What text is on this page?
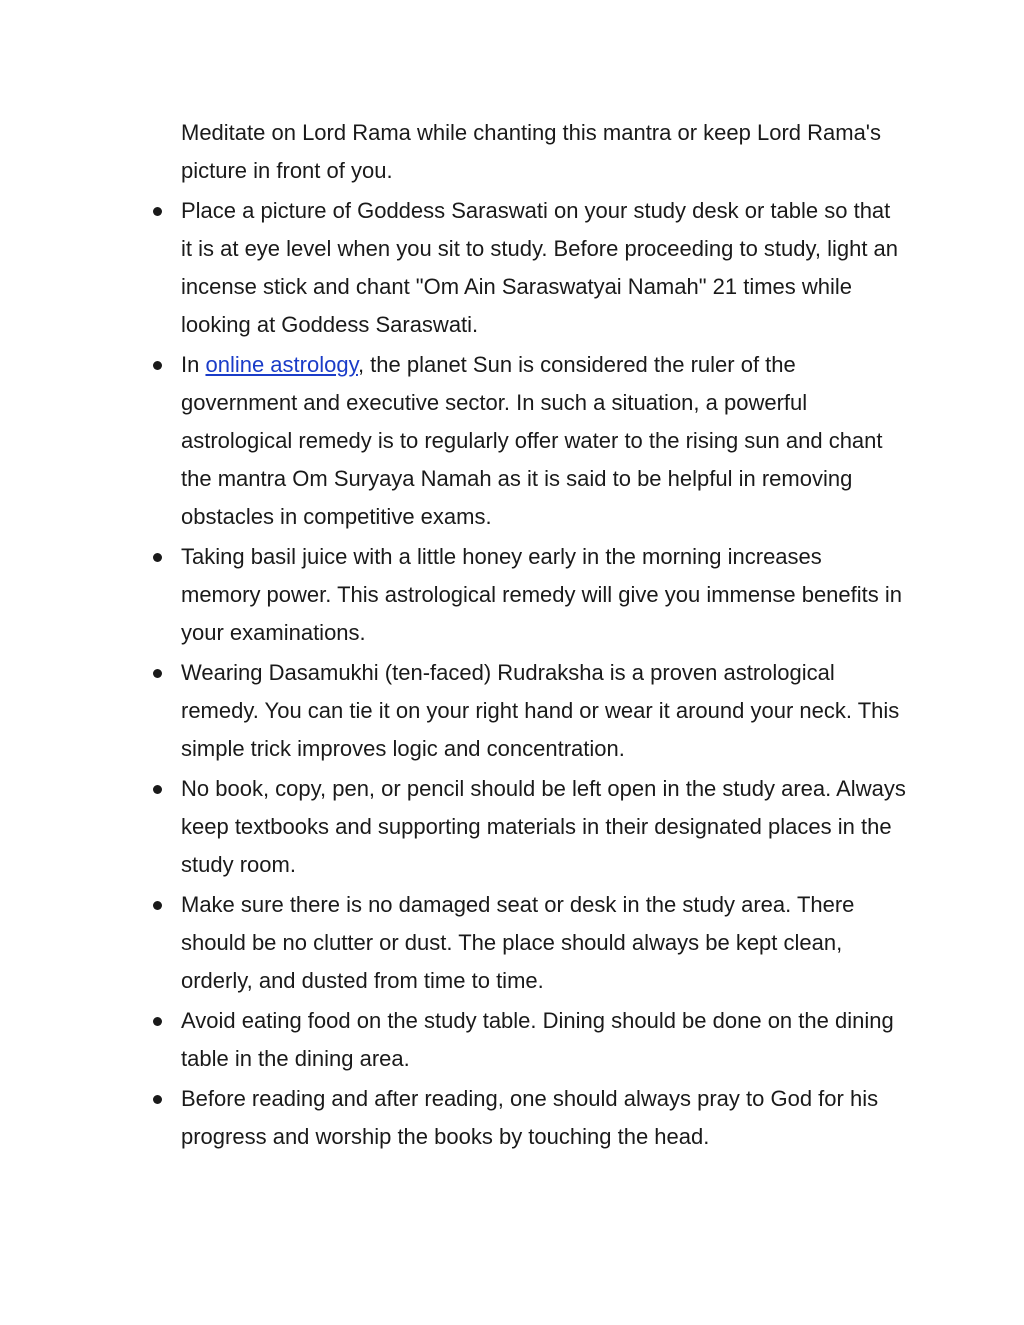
Meditate on Lord Rama while chanting this mantra or keep Lord Rama's picture in front of you.

Place a picture of Goddess Saraswati on your study desk or table so that it is at eye level when you sit to study. Before proceeding to study, light an incense stick and chant "Om Ain Saraswatyai Namah" 21 times while looking at Goddess Saraswati.
In online astrology, the planet Sun is considered the ruler of the government and executive sector. In such a situation, a powerful astrological remedy is to regularly offer water to the rising sun and chant the mantra Om Suryaya Namah as it is said to be helpful in removing obstacles in competitive exams.
Taking basil juice with a little honey early in the morning increases memory power. This astrological remedy will give you immense benefits in your examinations.
Wearing Dasamukhi (ten-faced) Rudraksha is a proven astrological remedy. You can tie it on your right hand or wear it around your neck. This simple trick improves logic and concentration.
No book, copy, pen, or pencil should be left open in the study area. Always keep textbooks and supporting materials in their designated places in the study room.
Make sure there is no damaged seat or desk in the study area. There should be no clutter or dust. The place should always be kept clean, orderly, and dusted from time to time.
Avoid eating food on the study table. Dining should be done on the dining table in the dining area.
Before reading and after reading, one should always pray to God for his progress and worship the books by touching the head.
